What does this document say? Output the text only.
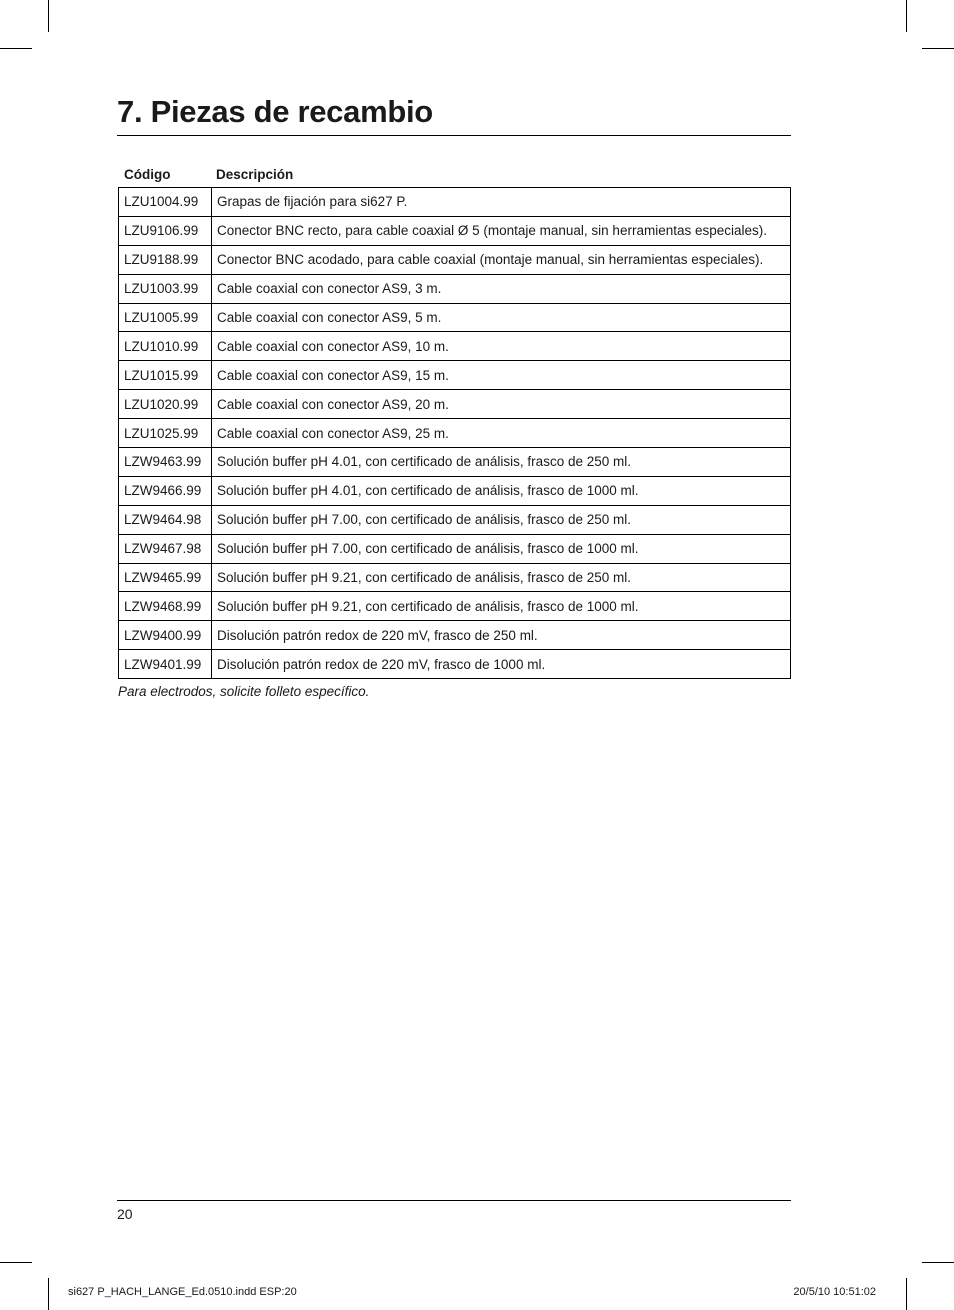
7. Piezas de recambio
Código	Descripción
LZU1004.99	Grapas de fijación para si627 P.
LZU9106.99	Conector BNC recto, para cable coaxial Ø 5 (montaje manual, sin herramientas especiales).
LZU9188.99	Conector BNC acodado, para cable coaxial (montaje manual, sin herramientas especiales).
LZU1003.99	Cable coaxial con conector AS9, 3 m.
LZU1005.99	Cable coaxial con conector AS9, 5 m.
LZU1010.99	Cable coaxial con conector AS9, 10 m.
LZU1015.99	Cable coaxial con conector AS9, 15 m.
LZU1020.99	Cable coaxial con conector AS9, 20 m.
LZU1025.99	Cable coaxial con conector AS9, 25 m.
LZW9463.99	Solución buffer pH 4.01, con certificado de análisis, frasco de 250 ml.
LZW9466.99	Solución buffer pH 4.01, con certificado de análisis, frasco de 1000 ml.
LZW9464.98	Solución buffer pH 7.00, con certificado de análisis, frasco de 250 ml.
LZW9467.98	Solución buffer pH 7.00, con certificado de análisis, frasco de 1000 ml.
LZW9465.99	Solución buffer pH 9.21, con certificado de análisis, frasco de 250 ml.
LZW9468.99	Solución buffer pH 9.21, con certificado de análisis, frasco de 1000 ml.
LZW9400.99	Disolución patrón redox de 220 mV, frasco de 250 ml.
LZW9401.99	Disolución patrón redox de 220 mV, frasco de 1000 ml.
Para electrodos, solicite folleto específico.
20
si627 P_HACH_LANGE_Ed.0510.indd ESP:20	20/5/10 10:51:02
